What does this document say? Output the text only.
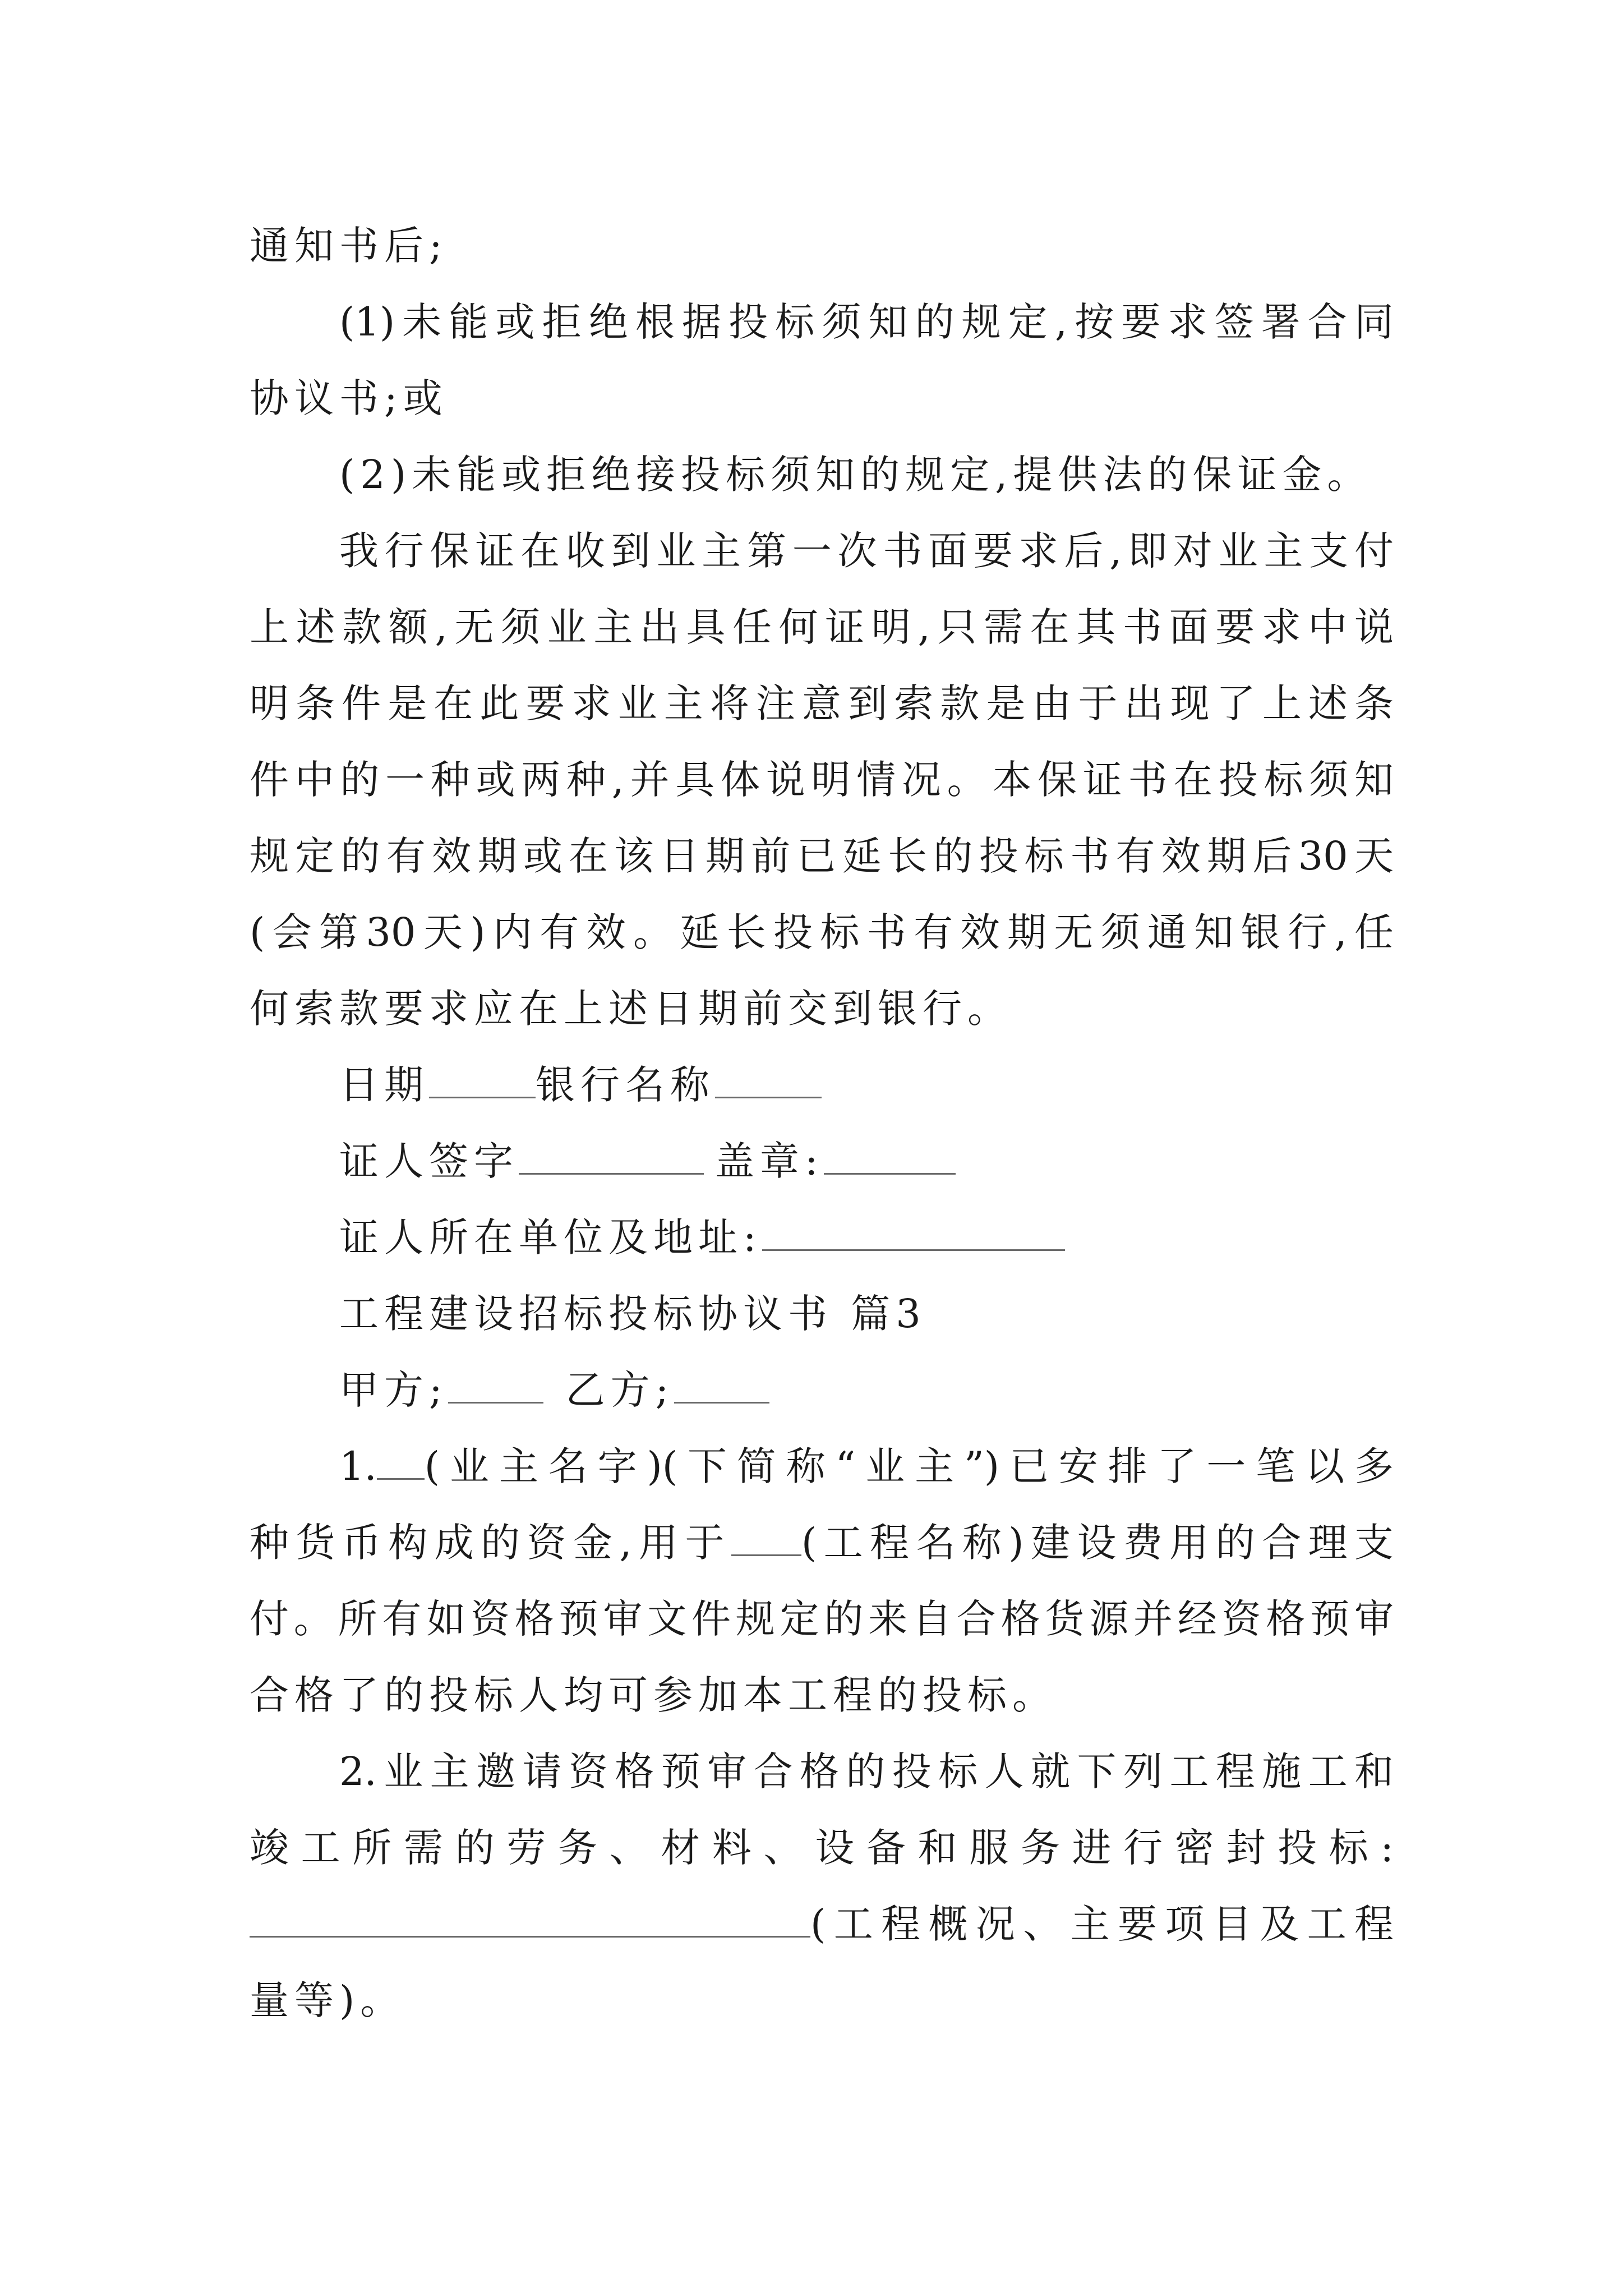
通知书后;
(1)未能或拒绝根据投标须知的规定,按要求签署合同
协议书;或
(2)未能或拒绝接投标须知的规定,提供法的保证金。
我行保证在收到业主第一次书面要求后,即对业主支付
上述款额,无须业主出具任何证明,只需在其书面要求中说
明条件是在此要求业主将注意到索款是由于出现了上述条
件中的一种或两种,并具体说明情况。本保证书在投标须知
规定的有效期或在该日期前已延长的投标书有效期后30天
(会第30天)内有效。延长投标书有效期无须通知银行,任
何索款要求应在上述日期前交到银行。
日期	银行名称
证人签字	盖章:
证人所在单位及地址:
工程建设招标投标协议书 篇3
甲方;	乙方;
1. (业主名字)(下简称“业主”)已安排了一笔以多
种货币构成的资金,用于 (工程名称)建设费用的合理支
付。所有如资格预审文件规定的来自合格货源并经资格预审
合格了的投标人均可参加本工程的投标。
2.业主邀请资格预审合格的投标人就下列工程施工和
竣工所需的劳务、材料、设备和服务进行密封投标:
(工程概况、主要项目及工程
量等)。
